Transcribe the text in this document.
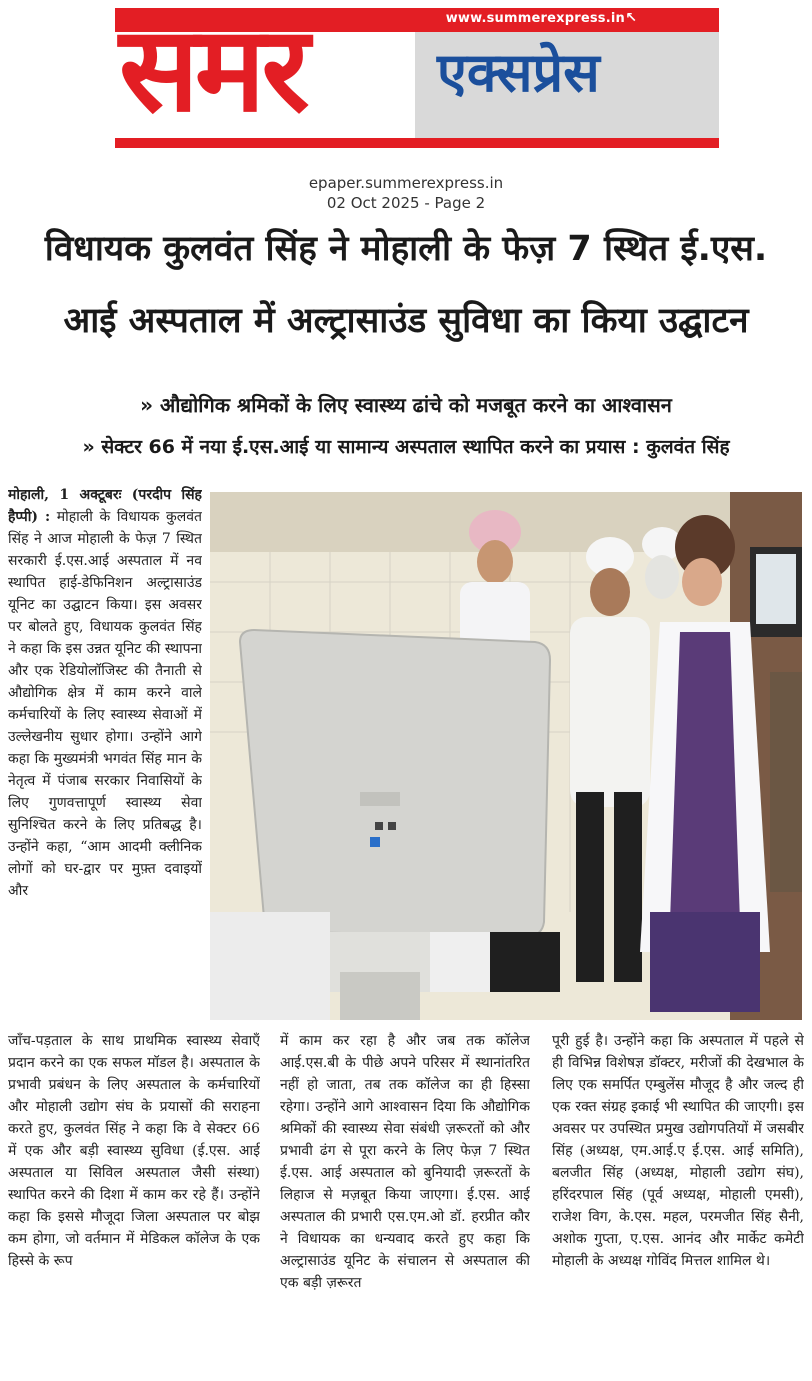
समर एक्सप्रेस
www.summerexpress.in ↖
epaper.summerexpress.in
02 Oct 2025 - Page 2
विधायक कुलवंत सिंह ने मोहाली के फेज़ 7 स्थित ई.एस.
आई अस्पताल में अल्ट्रासाउंड सुविधा का किया उद्घाटन
» औद्योगिक श्रमिकों के लिए स्वास्थ्य ढांचे को मजबूत करने का आश्वासन
» सेक्टर 66 में नया ई.एस.आई या सामान्य अस्पताल स्थापित करने का प्रयास : कुलवंत सिंह
मोहाली, 1 अक्टूबरः (परदीप सिंह हैप्पी) : मोहाली के विधायक कुलवंत सिंह ने आज मोहाली के फेज़ 7 स्थित सरकारी ई.एस.आई अस्पताल में नव स्थापित हाई-डेफिनिशन अल्ट्रासाउंड यूनिट का उद्घाटन किया। इस अवसर पर बोलते हुए, विधायक कुलवंत सिंह ने कहा कि इस उन्नत यूनिट की स्थापना और एक रेडियोलॉजिस्ट की तैनाती से औद्योगिक क्षेत्र में काम करने वाले कर्मचारियों के लिए स्वास्थ्य सेवाओं में उल्लेखनीय सुधार होगा। उन्होंने आगे कहा कि मुख्यमंत्री भगवंत सिंह मान के नेतृत्व में पंजाब सरकार निवासियों के लिए गुणवत्तापूर्ण स्वास्थ्य सेवा सुनिश्चित करने के लिए प्रतिबद्ध है। उन्होंने कहा, “आम आदमी क्लीनिक लोगों को घर-द्वार पर मुफ़्त दवाइयों और
जाँच-पड़ताल के साथ प्राथमिक स्वास्थ्य सेवाएँ प्रदान करने का एक सफल मॉडल है। अस्पताल के प्रभावी प्रबंधन के लिए अस्पताल के कर्मचारियों और मोहाली उद्योग संघ के प्रयासों की सराहना करते हुए, कुलवंत सिंह ने कहा कि वे सेक्टर 66 में एक और बड़ी स्वास्थ्य सुविधा (ई.एस. आई अस्पताल या सिविल अस्पताल जैसी संस्था) स्थापित करने की दिशा में काम कर रहे हैं। उन्होंने कहा कि इससे मौजूदा जिला अस्पताल पर बोझ कम होगा, जो वर्तमान में मेडिकल कॉलेज के एक हिस्से के रूप
में काम कर रहा है और जब तक कॉलेज आई.एस.बी के पीछे अपने परिसर में स्थानांतरित नहीं हो जाता, तब तक कॉलेज का ही हिस्सा रहेगा। उन्होंने आगे आश्वासन दिया कि औद्योगिक श्रमिकों की स्वास्थ्य सेवा संबंधी ज़रूरतों को और प्रभावी ढंग से पूरा करने के लिए फेज़ 7 स्थित ई.एस. आई अस्पताल को बुनियादी ज़रूरतों के लिहाज से मज़बूत किया जाएगा। ई.एस. आई अस्पताल की प्रभारी एस.एम.ओ डॉ. हरप्रीत कौर ने विधायक का धन्यवाद करते हुए कहा कि अल्ट्रासाउंड यूनिट के संचालन से अस्पताल की एक बड़ी ज़रूरत
पूरी हुई है। उन्होंने कहा कि अस्पताल में पहले से ही विभिन्न विशेषज्ञ डॉक्टर, मरीजों की देखभाल के लिए एक समर्पित एम्बुलेंस मौजूद है और जल्द ही एक रक्त संग्रह इकाई भी स्थापित की जाएगी। इस अवसर पर उपस्थित प्रमुख उद्योगपतियों में जसबीर सिंह (अध्यक्ष, एम.आई.ए ई.एस. आई समिति), बलजीत सिंह (अध्यक्ष, मोहाली उद्योग संघ), हरिंदरपाल सिंह (पूर्व अध्यक्ष, मोहाली एमसी), राजेश विग, के.एस. महल, परमजीत सिंह सैनी, अशोक गुप्ता, ए.एस. आनंद और मार्केट कमेटी मोहाली के अध्यक्ष गोविंद मित्तल शामिल थे।
